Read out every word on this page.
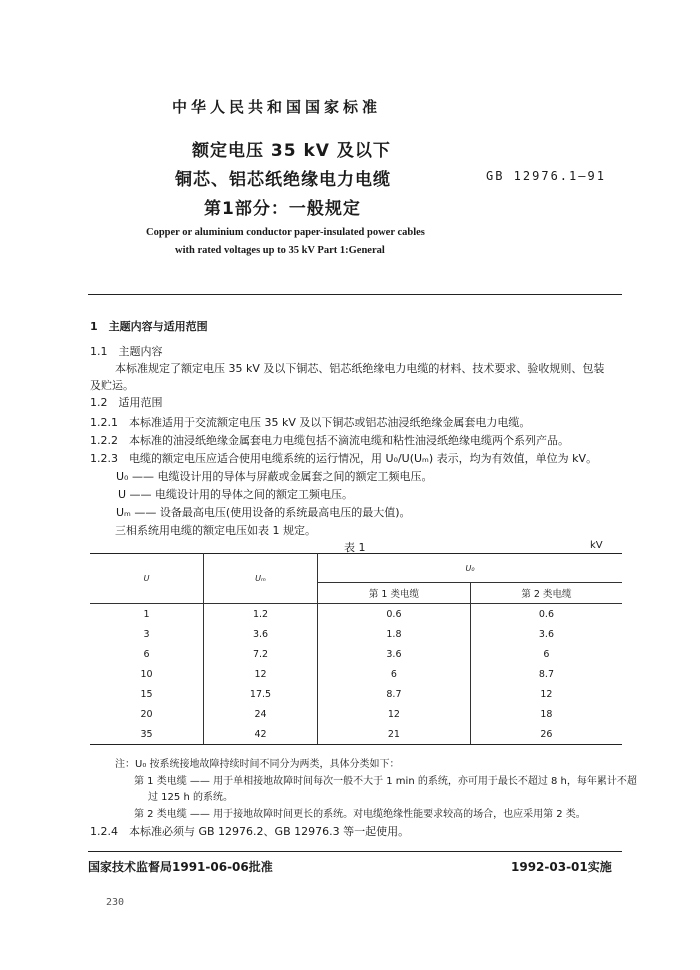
中华人民共和国国家标准
额定电压 35 kV 及以下
铜芯、铝芯纸绝缘电力电缆	GB 12976.1—91
第1部分：一般规定
Copper or aluminium conductor paper-insulated power cables
with rated voltages up to 35 kV Part 1:General
1　主题内容与适用范围
1.1　主题内容
本标准规定了额定电压 35 kV 及以下铜芯、铝芯纸绝缘电力电缆的材料、技术要求、验收规则、包装
及贮运。
1.2　适用范围
1.2.1　本标准适用于交流额定电压 35 kV 及以下铜芯或铝芯油浸纸绝缘金属套电力电缆。
1.2.2　本标准的油浸纸绝缘金属套电力电缆包括不滴流电缆和粘性油浸纸绝缘电缆两个系列产品。
1.2.3　电缆的额定电压应适合使用电缆系统的运行情况，用 U₀/U(Uₘ) 表示，均为有效值，单位为 kV。
U₀ —— 电缆设计用的导体与屏蔽或金属套之间的额定工频电压。
U —— 电缆设计用的导体之间的额定工频电压。
Uₘ —— 设备最高电压(使用设备的系统最高电压的最大值)。
三相系统用电缆的额定电压如表 1 规定。
表 1	kV
U	Uₘ	U₀	
		第 1 类电缆	第 2 类电缆
1	1.2	0.6	0.6
3	3.6	1.8	3.6
6	7.2	3.6	6
10	12	6	8.7
15	17.5	8.7	12
20	24	12	18
35	42	21	26
注：U₀ 按系统接地故障持续时间不同分为两类，具体分类如下：
第 1 类电缆 —— 用于单相接地故障时间每次一般不大于 1 min 的系统，亦可用于最长不超过 8 h，每年累计不超
过 125 h 的系统。
第 2 类电缆 —— 用于接地故障时间更长的系统。对电缆绝缘性能要求较高的场合，也应采用第 2 类。
1.2.4　本标准必须与 GB 12976.2、GB 12976.3 等一起使用。
国家技术监督局1991-06-06批准	1992-03-01实施
230
